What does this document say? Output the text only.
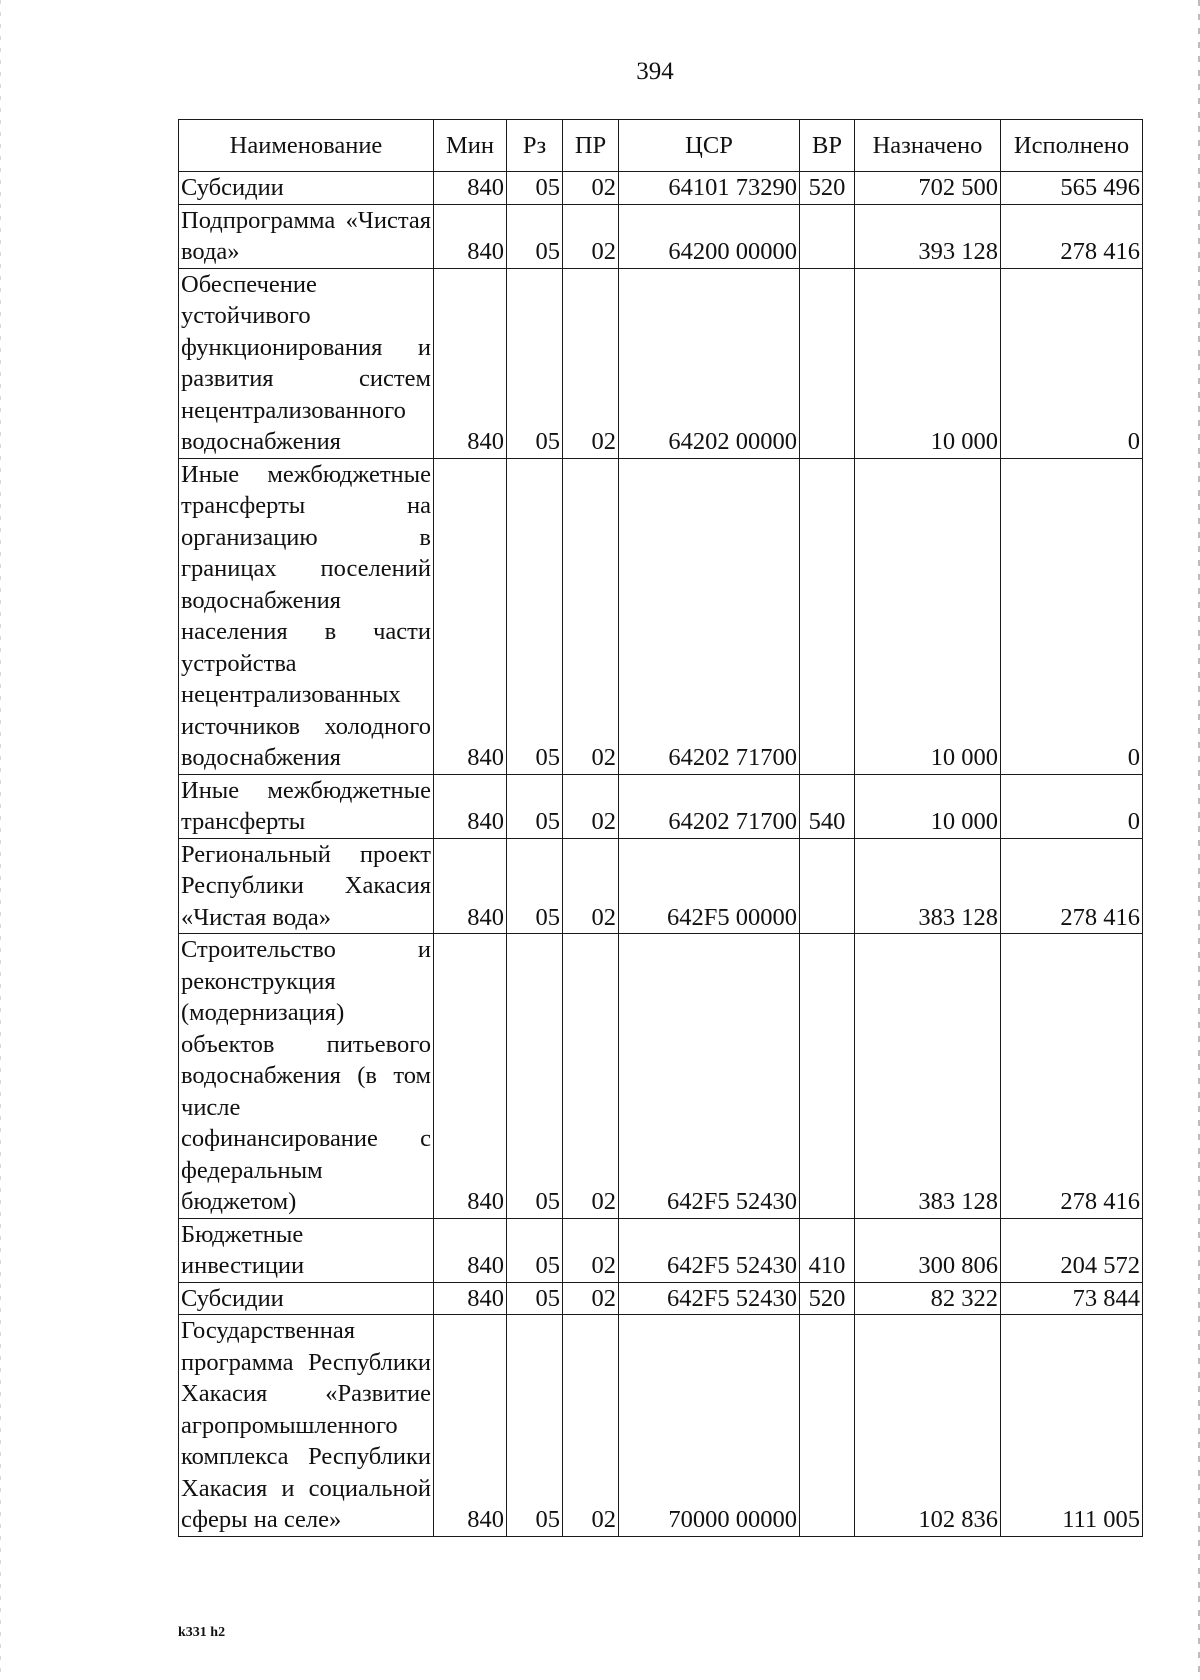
394
Наименование	Мин	Рз	ПР	ЦСР	ВР	Назначено	Исполнено
Субсидии	840	05	02	64101 73290	520	702 500	565 496
Подпрограмма «Чистая вода»	840	05	02	64200 00000		393 128	278 416
Обеспечение устойчивого функционирования и развития систем нецентрализованного водоснабжения	840	05	02	64202 00000		10 000	0
Иные межбюджетные трансферты на организацию в границах поселений водоснабжения населения в части устройства нецентрализованных источников холодного водоснабжения	840	05	02	64202 71700		10 000	0
Иные межбюджетные трансферты	840	05	02	64202 71700	540	10 000	0
Региональный проект Республики Хакасия «Чистая вода»	840	05	02	642F5 00000		383 128	278 416
Строительство и реконструкция (модернизация) объектов питьевого водоснабжения (в том числе софинансирование с федеральным бюджетом)	840	05	02	642F5 52430		383 128	278 416
Бюджетные инвестиции	840	05	02	642F5 52430	410	300 806	204 572
Субсидии	840	05	02	642F5 52430	520	82 322	73 844
Государственная программа Республики Хакасия «Развитие агропромышленного комплекса Республики Хакасия и социальной сферы на селе»	840	05	02	70000 00000		102 836	111 005
k331 h2
